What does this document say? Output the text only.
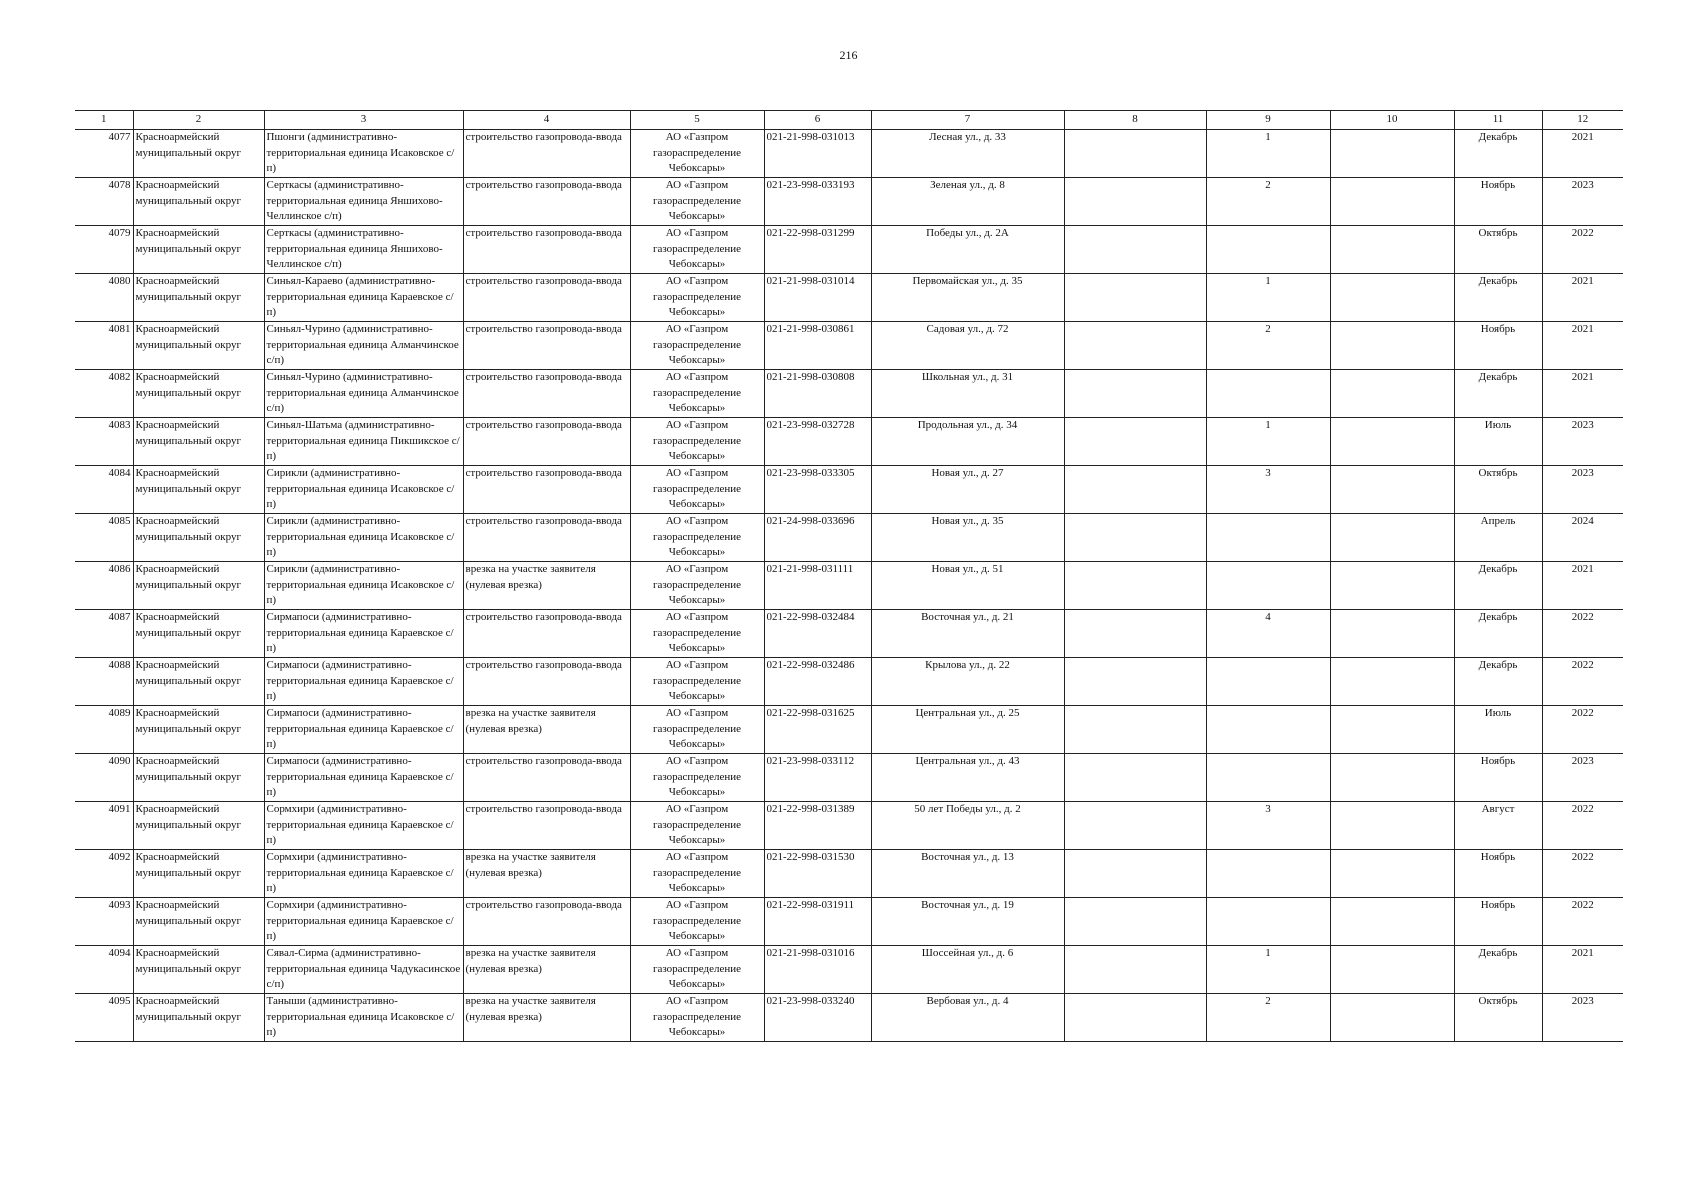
216
1	2	3	4	5	6	7	8	9	10	11	12
4077	Красноармейский муниципальный округ	Пшонги (административно-территориальная единица Исаковское с/п)	строительство газопровода-ввода	АО «Газпром газораспределение Чебоксары»	021-21-998-031013	Лесная ул., д. 33		1		Декабрь	2021
4078	Красноармейский муниципальный округ	Серткасы (административно-территориальная единица Яншихово-Челлинское с/п)	строительство газопровода-ввода	АО «Газпром газораспределение Чебоксары»	021-23-998-033193	Зеленая ул., д. 8		2		Ноябрь	2023
4079	Красноармейский муниципальный округ	Серткасы (административно-территориальная единица Яншихово-Челлинское с/п)	строительство газопровода-ввода	АО «Газпром газораспределение Чебоксары»	021-22-998-031299	Победы ул., д. 2А				Октябрь	2022
4080	Красноармейский муниципальный округ	Синьял-Караево (административно-территориальная единица Караевское с/п)	строительство газопровода-ввода	АО «Газпром газораспределение Чебоксары»	021-21-998-031014	Первомайская ул., д. 35		1		Декабрь	2021
4081	Красноармейский муниципальный округ	Синьял-Чурино (административно-территориальная единица Алманчинское с/п)	строительство газопровода-ввода	АО «Газпром газораспределение Чебоксары»	021-21-998-030861	Садовая ул., д. 72		2		Ноябрь	2021
4082	Красноармейский муниципальный округ	Синьял-Чурино (административно-территориальная единица Алманчинское с/п)	строительство газопровода-ввода	АО «Газпром газораспределение Чебоксары»	021-21-998-030808	Школьная ул., д. 31				Декабрь	2021
4083	Красноармейский муниципальный округ	Синьял-Шатьма (административно-территориальная единица Пикшикское с/п)	строительство газопровода-ввода	АО «Газпром газораспределение Чебоксары»	021-23-998-032728	Продольная ул., д. 34		1		Июль	2023
4084	Красноармейский муниципальный округ	Сирикли (административно-территориальная единица Исаковское с/п)	строительство газопровода-ввода	АО «Газпром газораспределение Чебоксары»	021-23-998-033305	Новая ул., д. 27		3		Октябрь	2023
4085	Красноармейский муниципальный округ	Сирикли (административно-территориальная единица Исаковское с/п)	строительство газопровода-ввода	АО «Газпром газораспределение Чебоксары»	021-24-998-033696	Новая ул., д. 35				Апрель	2024
4086	Красноармейский муниципальный округ	Сирикли (административно-территориальная единица Исаковское с/п)	врезка на участке заявителя (нулевая врезка)	АО «Газпром газораспределение Чебоксары»	021-21-998-031111	Новая ул., д. 51				Декабрь	2021
4087	Красноармейский муниципальный округ	Сирмапоси (административно-территориальная единица Караевское с/п)	строительство газопровода-ввода	АО «Газпром газораспределение Чебоксары»	021-22-998-032484	Восточная ул., д. 21		4		Декабрь	2022
4088	Красноармейский муниципальный округ	Сирмапоси (административно-территориальная единица Караевское с/п)	строительство газопровода-ввода	АО «Газпром газораспределение Чебоксары»	021-22-998-032486	Крылова ул., д. 22				Декабрь	2022
4089	Красноармейский муниципальный округ	Сирмапоси (административно-территориальная единица Караевское с/п)	врезка на участке заявителя (нулевая врезка)	АО «Газпром газораспределение Чебоксары»	021-22-998-031625	Центральная ул., д. 25				Июль	2022
4090	Красноармейский муниципальный округ	Сирмапоси (административно-территориальная единица Караевское с/п)	строительство газопровода-ввода	АО «Газпром газораспределение Чебоксары»	021-23-998-033112	Центральная ул., д. 43				Ноябрь	2023
4091	Красноармейский муниципальный округ	Сормхири (административно-территориальная единица Караевское с/п)	строительство газопровода-ввода	АО «Газпром газораспределение Чебоксары»	021-22-998-031389	50 лет Победы ул., д. 2		3		Август	2022
4092	Красноармейский муниципальный округ	Сормхири (административно-территориальная единица Караевское с/п)	врезка на участке заявителя (нулевая врезка)	АО «Газпром газораспределение Чебоксары»	021-22-998-031530	Восточная ул., д. 13				Ноябрь	2022
4093	Красноармейский муниципальный округ	Сормхири (административно-территориальная единица Караевское с/п)	строительство газопровода-ввода	АО «Газпром газораспределение Чебоксары»	021-22-998-031911	Восточная ул., д. 19				Ноябрь	2022
4094	Красноармейский муниципальный округ	Сявал-Сирма (административно-территориальная единица Чадукасинское с/п)	врезка на участке заявителя (нулевая врезка)	АО «Газпром газораспределение Чебоксары»	021-21-998-031016	Шоссейная ул., д. 6		1		Декабрь	2021
4095	Красноармейский муниципальный округ	Таныши (административно-территориальная единица Исаковское с/п)	врезка на участке заявителя (нулевая врезка)	АО «Газпром газораспределение Чебоксары»	021-23-998-033240	Вербовая ул., д. 4		2		Октябрь	2023
